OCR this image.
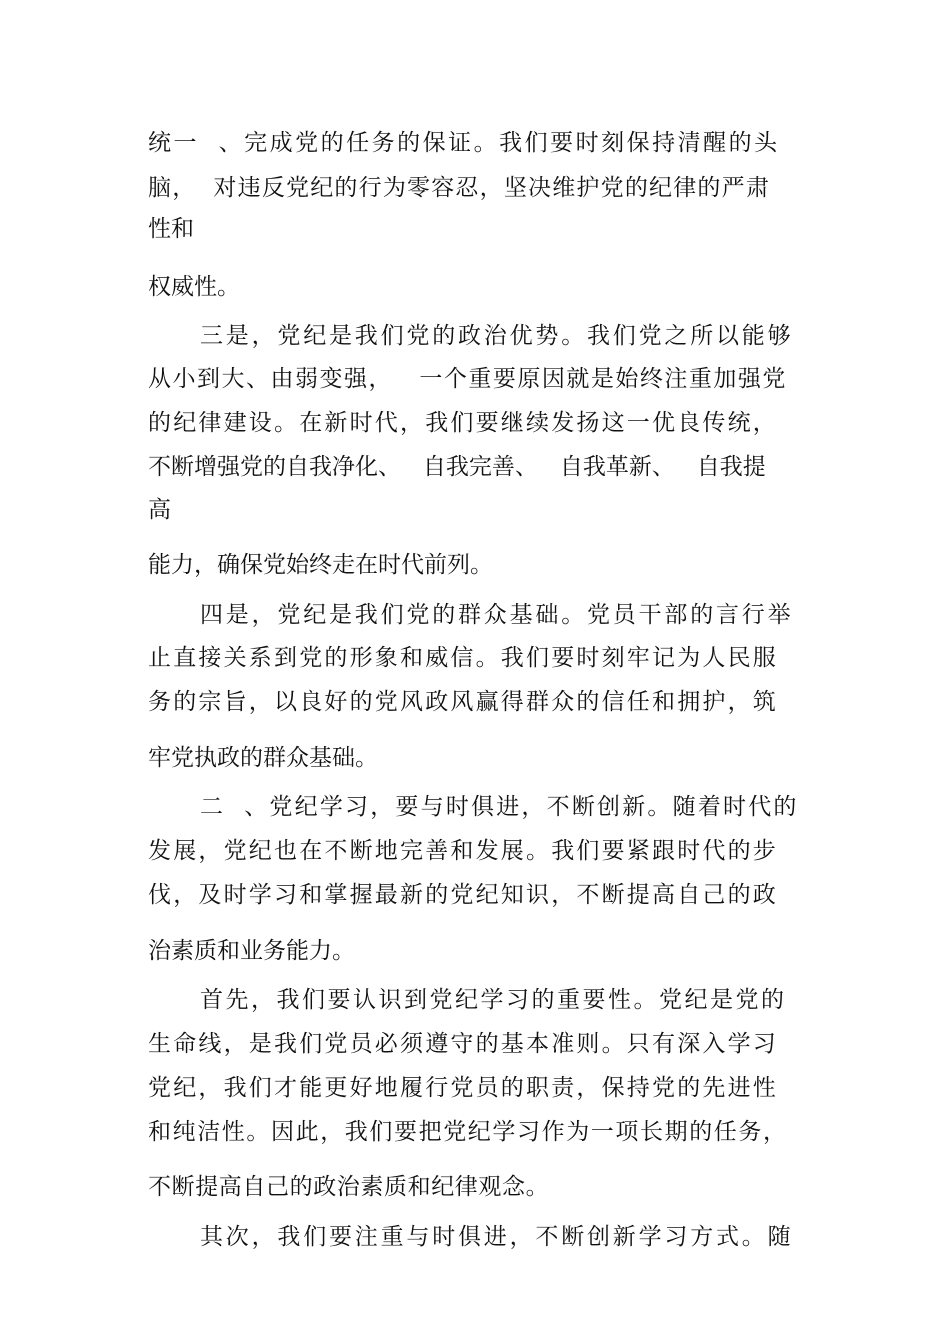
统一  、完成党的任务的保证。我们要时刻保持清醒的头

脑，  对违反党纪的行为零容忍，坚决维护党的纪律的严肃

性和

权威性。

三是，党纪是我们党的政治优势。我们党之所以能够

从小到大、由弱变强，   一个重要原因就是始终注重加强党

的纪律建设。在新时代，我们要继续发扬这一优良传统，

不断增强党的自我净化、   自我完善、   自我革新、   自我提

高

能力，确保党始终走在时代前列。

四是，党纪是我们党的群众基础。党员干部的言行举

止直接关系到党的形象和威信。我们要时刻牢记为人民服

务的宗旨，以良好的党风政风赢得群众的信任和拥护，筑

牢党执政的群众基础。

二  、党纪学习，要与时俱进，不断创新。随着时代的

发展，党纪也在不断地完善和发展。我们要紧跟时代的步

伐，及时学习和掌握最新的党纪知识，不断提高自己的政

治素质和业务能力。

首先，我们要认识到党纪学习的重要性。党纪是党的

生命线，是我们党员必须遵守的基本准则。只有深入学习

党纪，我们才能更好地履行党员的职责，保持党的先进性

和纯洁性。因此，我们要把党纪学习作为一项长期的任务，

不断提高自己的政治素质和纪律观念。

其次，我们要注重与时俱进，不断创新学习方式。随
